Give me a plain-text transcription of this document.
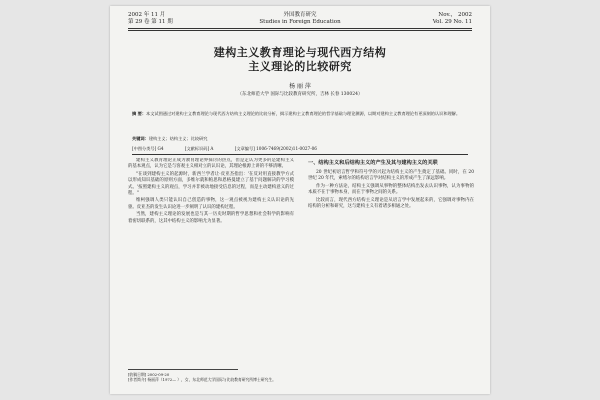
2002 年 11 月
第 29 卷 第 11 期
外国教育研究
Studies in Foreign Education
Nov.， 2002
Vol. 29 No. 11
建构主义教育理论与现代西方结构
主义理论的比较研究
杨 丽 萍
（东北师范大学 国际与比较教育研究所，吉林 长春 130024）
摘 要：本文试图通过对建构主义教育理论与现代西方结构主义理论的比较分析，揭示建构主义教育理论的哲学基础与理论渊源，以期对建构主义教育理论有更深刻的认识和理解。
关键词：建构主义；结构主义；比较研究
[中图分类号] G4	[文献标识码] A	[文章编号] 1006-7469(2002)11-0027-06

建构主义教育理论正成为教育理论界探讨的热点，但是走认为更多的是建构主义的基本观点，认为它是与客观主义相对立的认识论，其理论根源上讲的不够清晰。

"在谈到建构主义的起源时，新西兰学者让·皮亚杰指出：'在反对用直接教学方式以形成知识基础的原则方面，多维尔就和帕思和恩格曼建立了基于问题解决的学习模式。'按照建构主义的观点，学习并非被动地接受信息的过程，而是主动建构意义的过程。"

维柯强调人类只能认识自己创造的事物，这一观点被视为建构主义认识论的先驱。皮亚杰的发生认识论进一步阐明了认识的建构过程。

当然，建构主义理论的发展也是与其一历史时期的哲学思想和社会科学的影响有着密切联系的，这其中结构主义的影响尤为显著。

一、结构主义和后结构主义的产生及其与建构主义的关联

20 世纪初语言哲学和符号学的兴起为结构主义的产生奠定了基础。同时，在 20 世纪 20 年代，索绪尔的结构语言学对结构主义的形成产生了深远影响。

作为一种方法论，结构主义强调从事物的整体结构出发去认识事物，认为事物的本质不在于事物本身，而在于事物之间的关系。

比较而言，现代西方结构主义理论是从语言学中发展起来的，它强调对事物内在结构的分析和研究，这与建构主义有着诸多相通之处。

[收稿日期] 2002-09-20
[作者简介] 杨丽萍（1972— ），女，东北师范大学国际与比较教育研究所博士研究生。
